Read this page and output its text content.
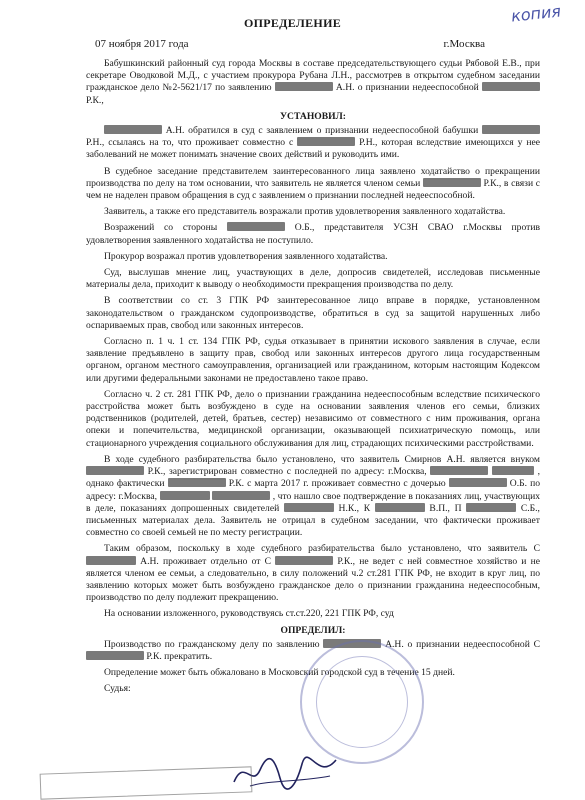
копия
ОПРЕДЕЛЕНИЕ
07 ноября 2017 года	г.Москва

Бабушкинский районный суд города Москвы в составе председательствующего судьи Рябовой Е.В., при секретаре Оводковой М.Д., с участием прокурора Рубана Л.Н., рассмотрев в открытом судебном заседании гражданское дело №2-5621/17 по заявлению	А.Н. о признании недееспособной  Р.К.,

УСТАНОВИЛ:

А.Н. обратился в суд с заявлением о признании недееспособной бабушки  Р.Н., ссылаясь на то, что проживает совместно с	Р.Н., которая вследствие имеющихся у нее заболеваний не может понимать значение своих действий и руководить ими.

В судебное заседание представителем заинтересованного лица заявлено ходатайство о прекращении производства по делу на том основании, что заявитель не является членом семьи	Р.К., в связи с чем не наделен правом обращения в суд с заявлением о признании последней недееспособной.

Заявитель, а также его представитель возражали против удовлетворения заявленного ходатайства.

Возражений со стороны	О.Б., представителя УСЗН СВАО г.Москвы против удовлетворения заявленного ходатайства не поступило.

Прокурор возражал против удовлетворения заявленного ходатайства.

Суд, выслушав мнение лиц, участвующих в деле, допросив свидетелей, исследовав письменные материалы дела, приходит к выводу о необходимости прекращения производства по делу.

В соответствии со ст. 3 ГПК РФ заинтересованное лицо вправе в порядке, установленном законодательством о гражданском судопроизводстве, обратиться в суд за защитой нарушенных либо оспариваемых прав, свобод или законных интересов.

Согласно п. 1 ч. 1 ст. 134 ГПК РФ, судья отказывает в принятии искового заявления в случае, если заявление предъявлено в защиту прав, свобод или законных интересов другого лица государственным органом, органом местного самоуправления, организацией или гражданином, которым настоящим Кодексом или другими федеральными законами не предоставлено такое право.

Согласно ч. 2 ст. 281 ГПК РФ, дело о признании гражданина недееспособным вследствие психического расстройства может быть возбуждено в суде на основании заявления членов его семьи, близких родственников (родителей, детей, братьев, сестер) независимо от совместного с ним проживания, органа опеки и попечительства, медицинской организации, оказывающей психиатрическую помощь, или стационарного учреждения социального обслуживания для лиц, страдающих психическими расстройствами.

В ходе судебного разбирательства было установлено, что заявитель Смирнов А.Н. является внуком  Р.К., зарегистрирован совместно с последней по адресу: г.Москва,	, однако фактически	Р.К. с марта 2017 г. проживает совместно с дочерью	О.Б. по адресу: г.Москва,	, что нашло свое подтверждение в показаниях лиц, участвующих в деле, показаниях допрошенных свидетелей	Н.К., К	В.П., П	С.Б., письменных материалах дела. Заявитель не отрицал в судебном заседании, что фактически проживает совместно со своей семьей не по месту регистрации.

Таким образом, поскольку в ходе судебного разбирательства было установлено, что заявитель С  А.Н. проживает отдельно от С	Р.К., не ведет с ней совместное хозяйство и не является членом ее семьи, а следовательно, в силу положений ч.2 ст.281 ГПК РФ, не входит в круг лиц, по заявлению которых может быть возбуждено гражданское дело о признании гражданина недееспособным, производство по делу подлежит прекращению.

На основании изложенного, руководствуясь ст.ст.220, 221 ГПК РФ, суд

ОПРЕДЕЛИЛ:

Производство по гражданскому делу по заявлению	А.Н. о признании недееспособной С  Р.К. прекратить.

Определение может быть обжаловано в Московский городской суд в течение 15 дней.

Судья:
